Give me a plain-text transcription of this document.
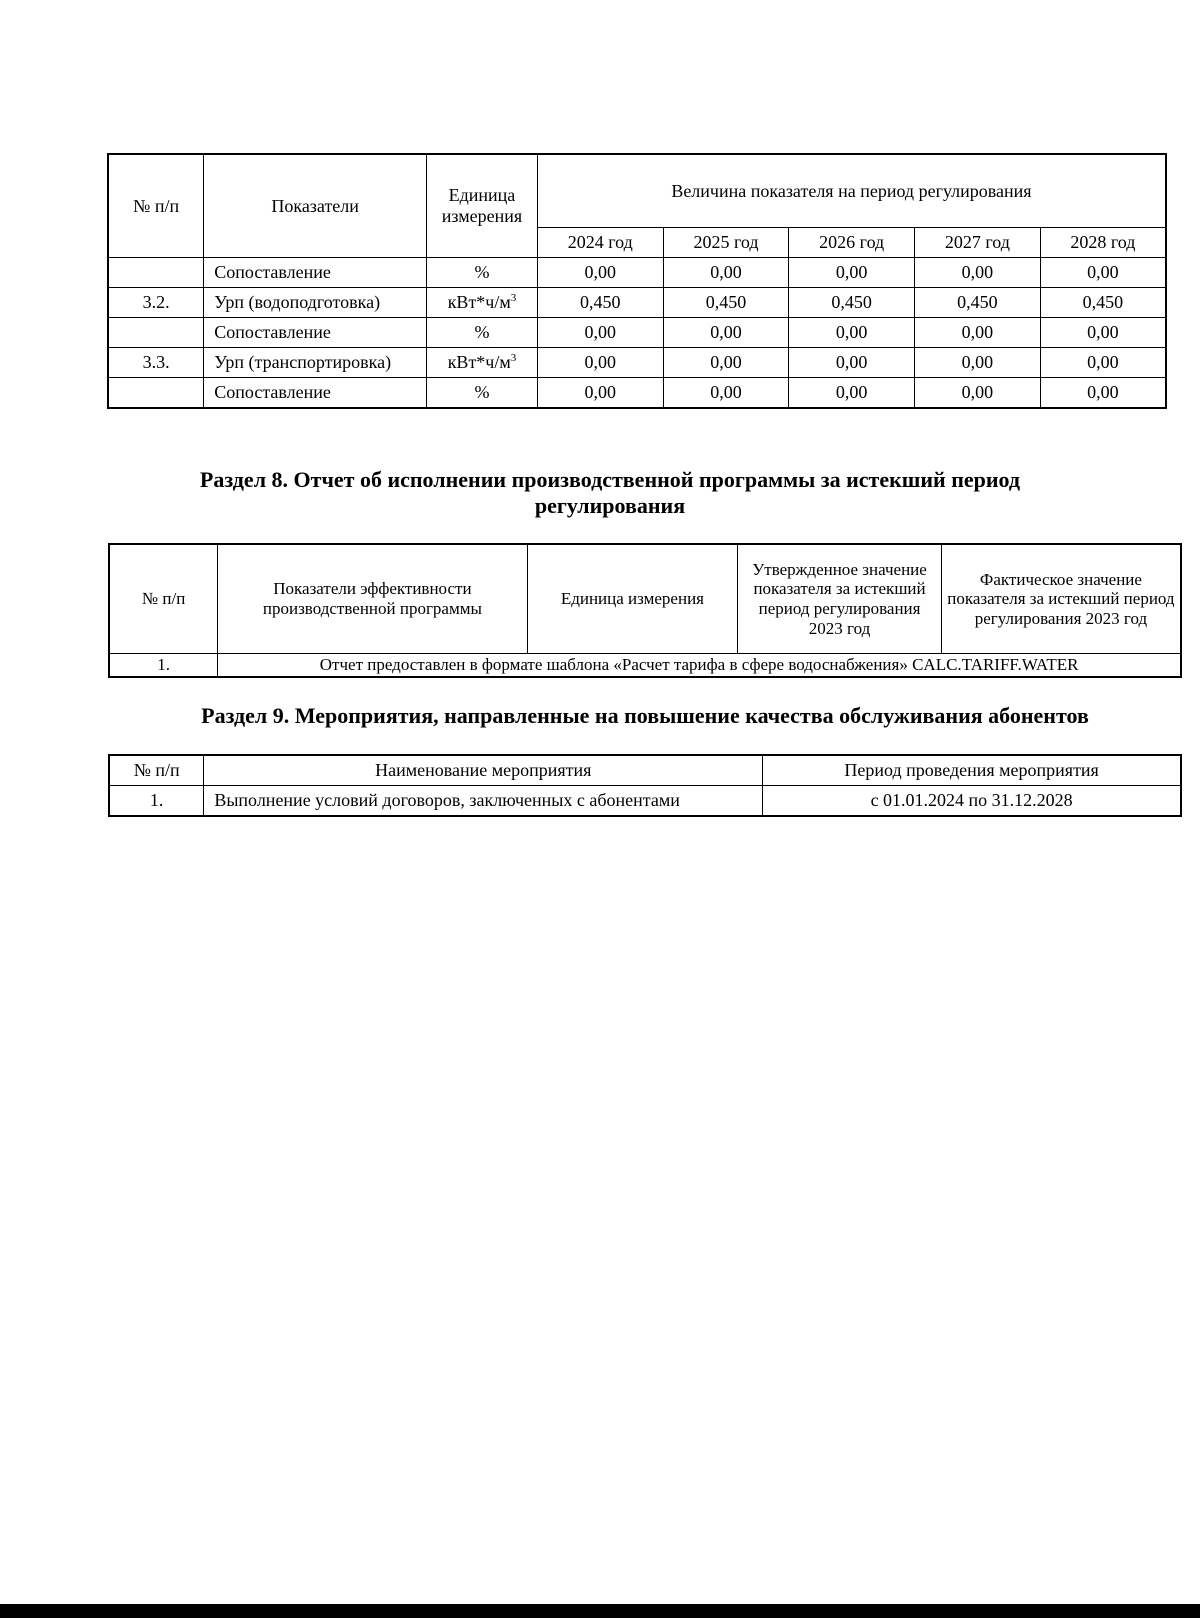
№ п/п	Показатели	Единица измерения	Величина показателя на период регулирования				
			2024 год	2025 год	2026 год	2027 год	2028 год
	Сопоставление	%	0,00	0,00	0,00	0,00	0,00
3.2.	Урп (водоподготовка)	$кВт*ч/м^3$	0,450	0,450	0,450	0,450	0,450
	Сопоставление	%	0,00	0,00	0,00	0,00	0,00
3.3.	Урп (транспортировка)	$кВт*ч/м^3$	0,00	0,00	0,00	0,00	0,00
	Сопоставление	%	0,00	0,00	0,00	0,00	0,00
Раздел 8. Отчет об исполнении производственной программы за истекший период
регулирования
№ п/п	Показатели эффективности производственной программы	Единица измерения	Утвержденное значение показателя за истекший период регулирования 2023 год	Фактическое значение показателя за истекший период регулирования 2023 год
1.	Отчет предоставлен в формате шаблона «Расчет тарифа в сфере водоснабжения» CALC.TARIFF.WATER			
Раздел 9. Мероприятия, направленные на повышение качества обслуживания абонентов
№ п/п	Наименование мероприятия	Период проведения мероприятия
1.	Выполнение условий договоров, заключенных с абонентами	с 01.01.2024 по 31.12.2028
